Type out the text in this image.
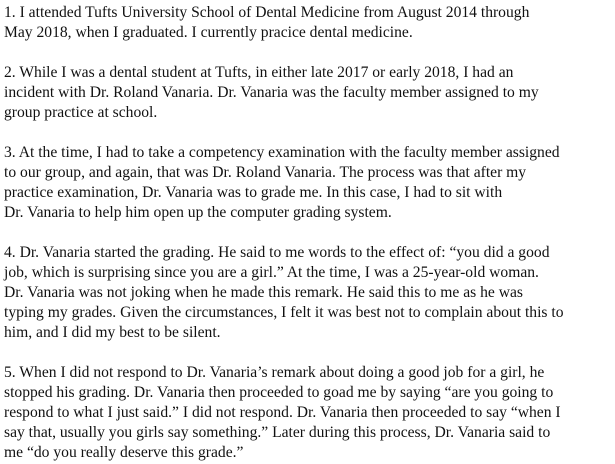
1. I attended Tufts University School of Dental Medicine from August 2014 through
May 2018, when I graduated. I currently pracice dental medicine.

2. While I was a dental student at Tufts, in either late 2017 or early 2018, I had an
incident with Dr. Roland Vanaria. Dr. Vanaria was the faculty member assigned to my
group practice at school.

3. At the time, I had to take a competency examination with the faculty member assigned
to our group, and again, that was Dr. Roland Vanaria. The process was that after my
practice examination, Dr. Vanaria was to grade me. In this case, I had to sit with
Dr. Vanaria to help him open up the computer grading system.

4. Dr. Vanaria started the grading. He said to me words to the effect of: “you did a good
job, which is surprising since you are a girl.” At the time, I was a 25-year-old woman.
Dr. Vanaria was not joking when he made this remark. He said this to me as he was
typing my grades. Given the circumstances, I felt it was best not to complain about this to
him, and I did my best to be silent.

5. When I did not respond to Dr. Vanaria’s remark about doing a good job for a girl, he
stopped his grading. Dr. Vanaria then proceeded to goad me by saying “are you going to
respond to what I just said.” I did not respond. Dr. Vanaria then proceeded to say “when I
say that, usually you girls say something.” Later during this process, Dr. Vanaria said to
me “do you really deserve this grade.”
